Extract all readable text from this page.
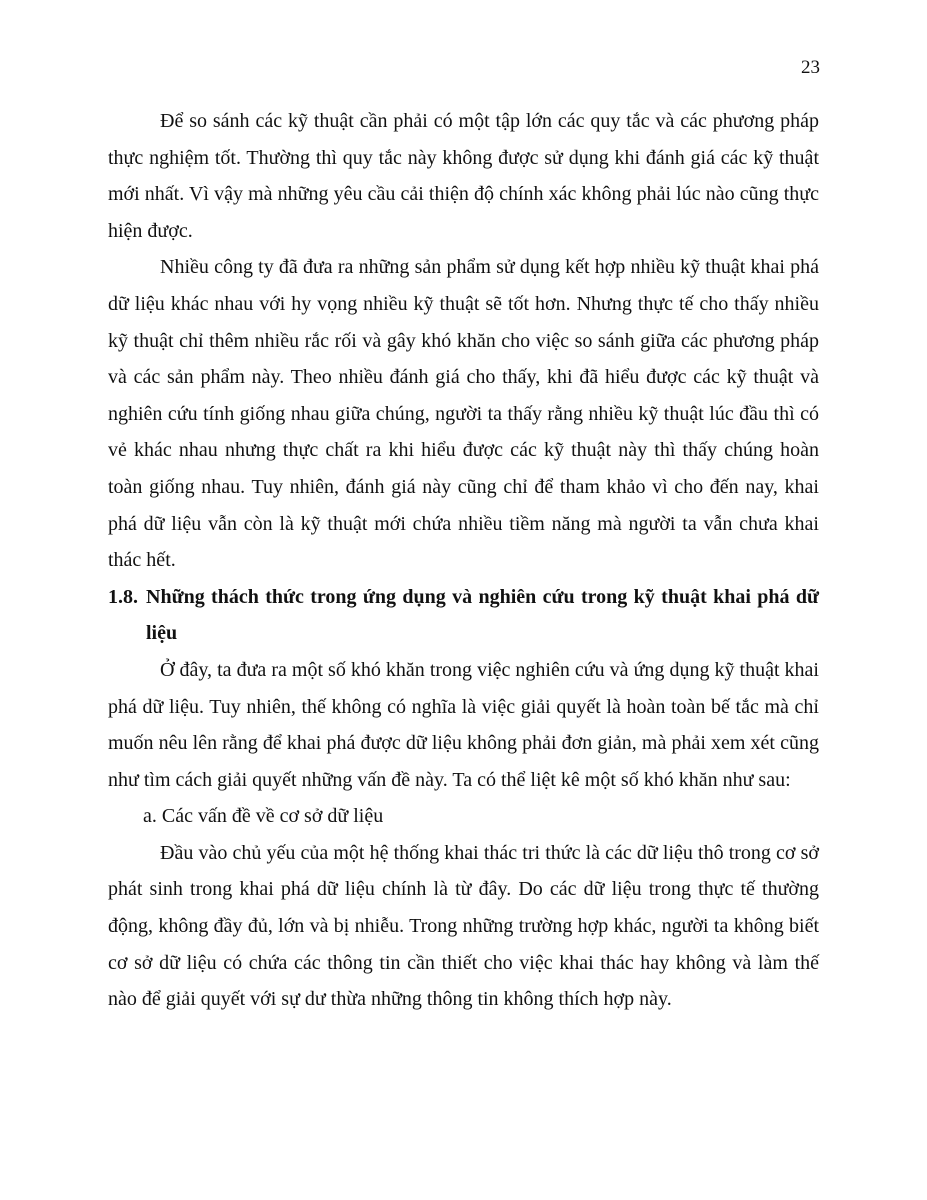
23

Để so sánh các kỹ thuật cần phải có một tập lớn các quy tắc và các phương pháp thực nghiệm tốt. Thường thì quy tắc này không được sử dụng khi đánh giá các kỹ thuật mới nhất. Vì vậy mà những yêu cầu cải thiện độ chính xác không phải lúc nào cũng thực hiện được.

Nhiều công ty đã đưa ra những sản phẩm sử dụng kết hợp nhiều kỹ thuật khai phá dữ liệu khác nhau với hy vọng nhiều kỹ thuật sẽ tốt hơn. Nhưng thực tế cho thấy nhiều kỹ thuật chỉ thêm nhiều rắc rối và gây khó khăn cho việc so sánh giữa các phương pháp và các sản phẩm này. Theo nhiều đánh giá cho thấy, khi đã hiểu được các kỹ thuật và nghiên cứu tính giống nhau giữa chúng, người ta thấy rằng nhiều kỹ thuật lúc đầu thì có vẻ khác nhau nhưng thực chất ra khi hiểu được các kỹ thuật này thì thấy chúng hoàn toàn giống nhau. Tuy nhiên, đánh giá này cũng chỉ để tham khảo vì cho đến nay, khai phá dữ liệu vẫn còn là kỹ thuật mới chứa nhiều tiềm năng mà người ta vẫn chưa khai thác hết.

1.8. Những thách thức trong ứng dụng và nghiên cứu trong kỹ thuật khai phá dữ liệu

Ở đây, ta đưa ra một số khó khăn trong việc nghiên cứu và ứng dụng kỹ thuật khai phá dữ liệu. Tuy nhiên, thế không có nghĩa là việc giải quyết là hoàn toàn bế tắc mà chỉ muốn nêu lên rằng để khai phá được dữ liệu không phải đơn giản, mà phải xem xét cũng như tìm cách giải quyết những vấn đề này. Ta có thể liệt kê một số khó khăn như sau:

a. Các vấn đề về cơ sở dữ liệu

Đầu vào chủ yếu của một hệ thống khai thác tri thức là các dữ liệu thô trong cơ sở phát sinh trong khai phá dữ liệu chính là từ đây. Do các dữ liệu trong thực tế thường động, không đầy đủ, lớn và bị nhiễu. Trong những trường hợp khác, người ta không biết cơ sở dữ liệu có chứa các thông tin cần thiết cho việc khai thác hay không và làm thế nào để giải quyết với sự dư thừa những thông tin không thích hợp này.
